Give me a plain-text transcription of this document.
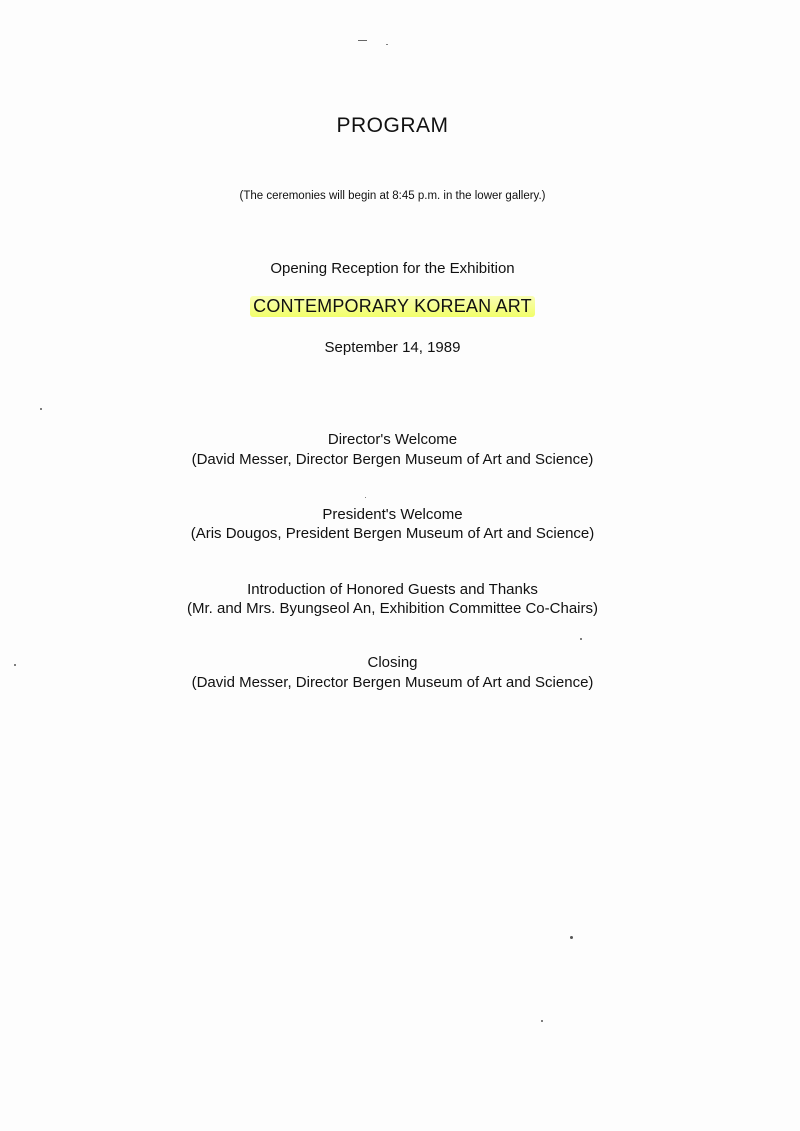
PROGRAM
(The ceremonies will begin at 8:45 p.m. in the lower gallery.)
Opening Reception for the Exhibition
CONTEMPORARY KOREAN ART
September 14, 1989
Director's Welcome
(David Messer, Director Bergen Museum of Art and Science)
President's Welcome
(Aris Dougos, President Bergen Museum of Art and Science)
Introduction of Honored Guests and Thanks
(Mr. and Mrs. Byungseol An, Exhibition Committee Co-Chairs)
Closing
(David Messer, Director Bergen Museum of Art and Science)
